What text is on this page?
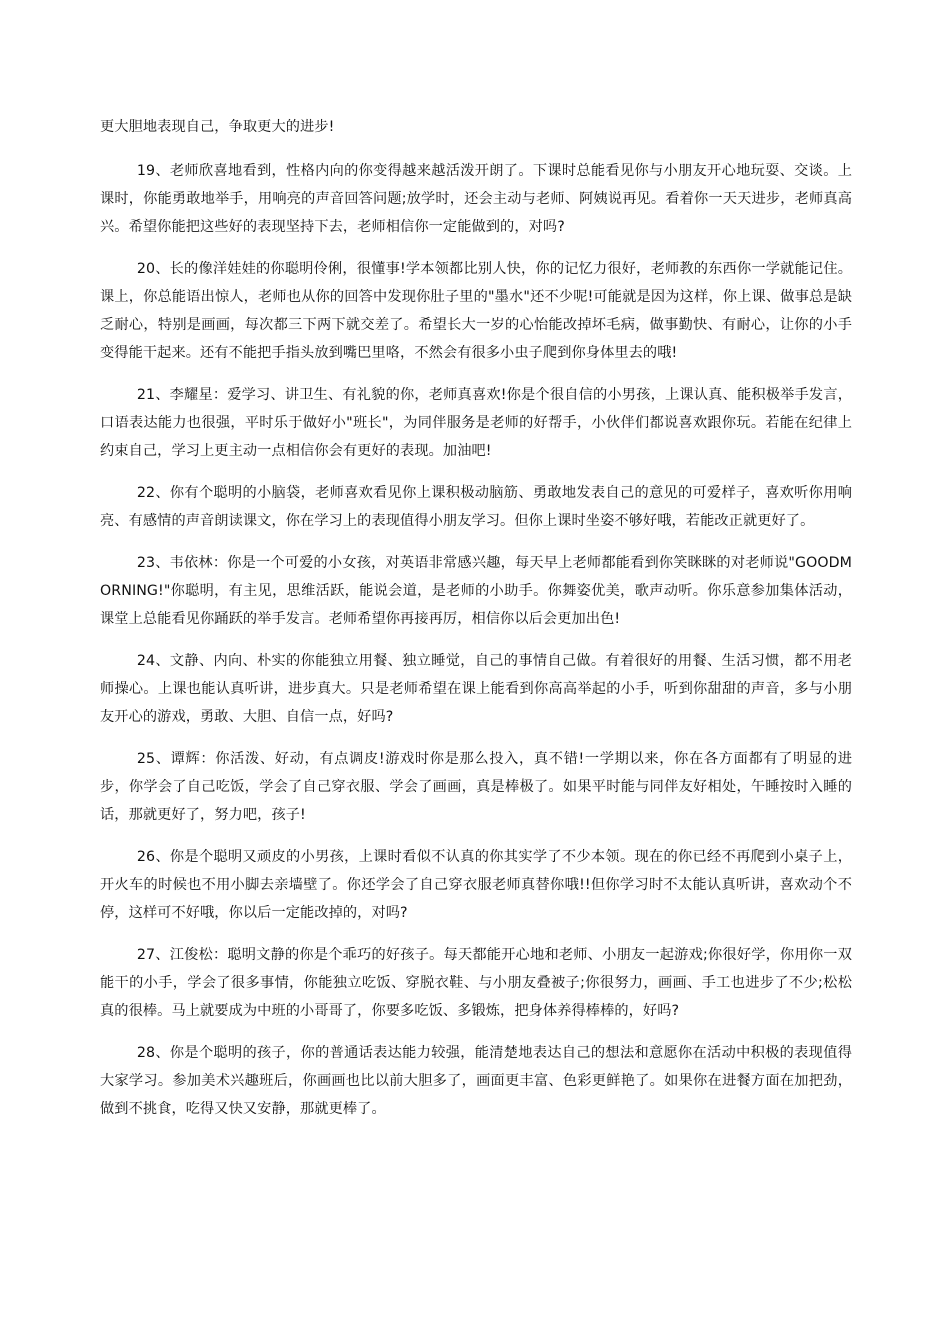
更大胆地表现自己，争取更大的进步!

19、老师欣喜地看到，性格内向的你变得越来越活泼开朗了。下课时总能看见你与小朋友开心地玩耍、交谈。上课时，你能勇敢地举手，用响亮的声音回答问题;放学时，还会主动与老师、阿姨说再见。看着你一天天进步，老师真高兴。希望你能把这些好的表现坚持下去，老师相信你一定能做到的，对吗?

20、长的像洋娃娃的你聪明伶俐，很懂事!学本领都比别人快，你的记忆力很好，老师教的东西你一学就能记住。课上，你总能语出惊人，老师也从你的回答中发现你肚子里的"墨水"还不少呢!可能就是因为这样，你上课、做事总是缺乏耐心，特别是画画，每次都三下两下就交差了。希望长大一岁的心怡能改掉坏毛病，做事勤快、有耐心，让你的小手变得能干起来。还有不能把手指头放到嘴巴里咯，不然会有很多小虫子爬到你身体里去的哦!

21、李耀星：爱学习、讲卫生、有礼貌的你，老师真喜欢!你是个很自信的小男孩，上课认真、能积极举手发言，口语表达能力也很强，平时乐于做好小"班长"，为同伴服务是老师的好帮手，小伙伴们都说喜欢跟你玩。若能在纪律上约束自己，学习上更主动一点相信你会有更好的表现。加油吧!

22、你有个聪明的小脑袋，老师喜欢看见你上课积极动脑筋、勇敢地发表自己的意见的可爱样子，喜欢听你用响亮、有感情的声音朗读课文，你在学习上的表现值得小朋友学习。但你上课时坐姿不够好哦，若能改正就更好了。

23、韦依林：你是一个可爱的小女孩，对英语非常感兴趣，每天早上老师都能看到你笑眯眯的对老师说"GOODMORNING!"你聪明，有主见，思维活跃，能说会道，是老师的小助手。你舞姿优美，歌声动听。你乐意参加集体活动，课堂上总能看见你踊跃的举手发言。老师希望你再接再厉，相信你以后会更加出色!

24、文静、内向、朴实的你能独立用餐、独立睡觉，自己的事情自己做。有着很好的用餐、生活习惯，都不用老师操心。上课也能认真听讲，进步真大。只是老师希望在课上能看到你高高举起的小手，听到你甜甜的声音，多与小朋友开心的游戏，勇敢、大胆、自信一点，好吗?

25、谭辉：你活泼、好动，有点调皮!游戏时你是那么投入，真不错!一学期以来，你在各方面都有了明显的进步，你学会了自己吃饭，学会了自己穿衣服、学会了画画，真是棒极了。如果平时能与同伴友好相处，午睡按时入睡的话，那就更好了，努力吧，孩子!

26、你是个聪明又顽皮的小男孩，上课时看似不认真的你其实学了不少本领。现在的你已经不再爬到小桌子上，开火车的时候也不用小脚去亲墙壁了。你还学会了自己穿衣服老师真替你哦!!但你学习时不太能认真听讲，喜欢动个不停，这样可不好哦，你以后一定能改掉的，对吗?

27、江俊松：聪明文静的你是个乖巧的好孩子。每天都能开心地和老师、小朋友一起游戏;你很好学，你用你一双能干的小手，学会了很多事情，你能独立吃饭、穿脱衣鞋、与小朋友叠被子;你很努力，画画、手工也进步了不少;松松真的很棒。马上就要成为中班的小哥哥了，你要多吃饭、多锻炼，把身体养得棒棒的，好吗?

28、你是个聪明的孩子，你的普通话表达能力较强，能清楚地表达自己的想法和意愿你在活动中积极的表现值得大家学习。参加美术兴趣班后，你画画也比以前大胆多了，画面更丰富、色彩更鲜艳了。如果你在进餐方面在加把劲，做到不挑食，吃得又快又安静，那就更棒了。
